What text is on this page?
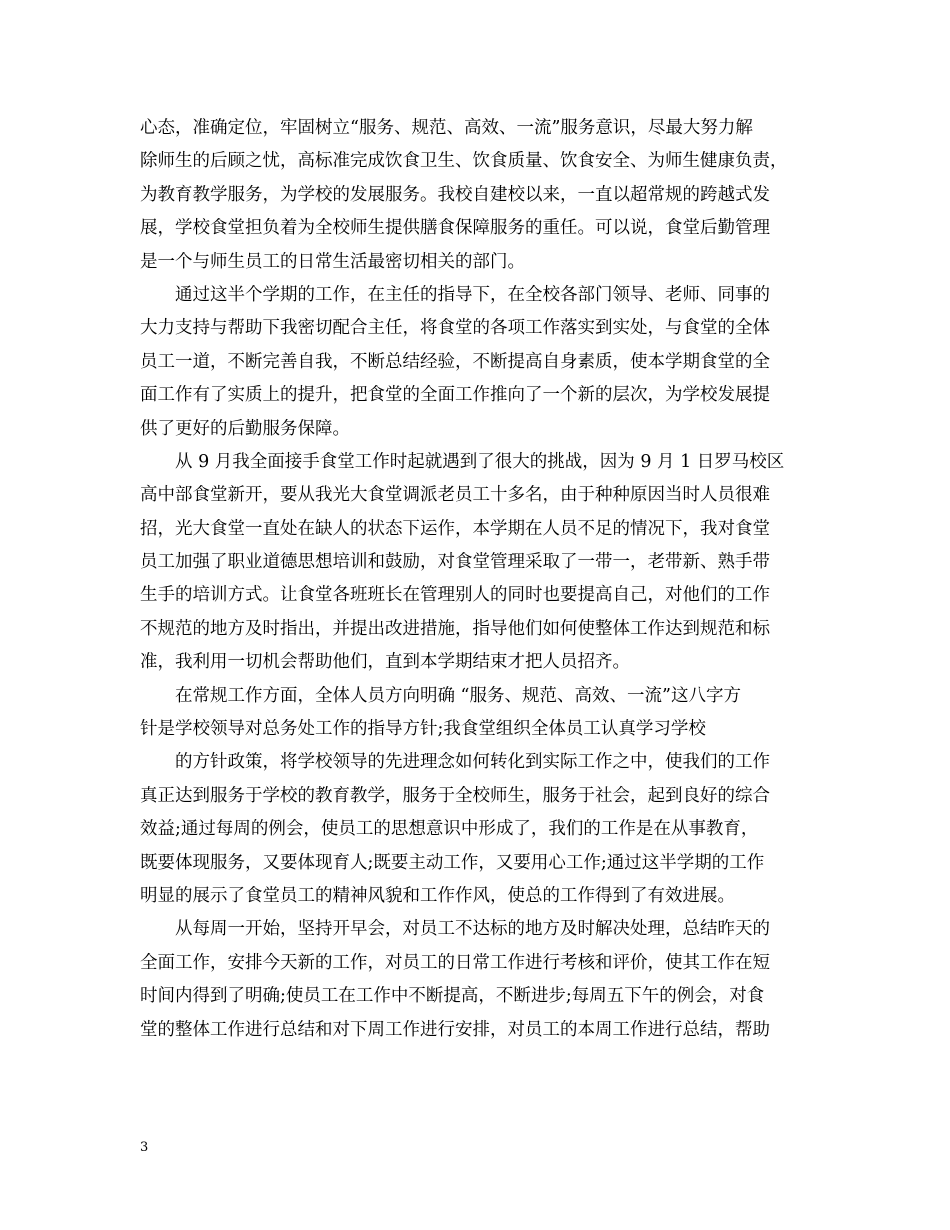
心态，准确定位，牢固树立“服务、规范、高效、一流”服务意识，尽最大努力解
除师生的后顾之忧，高标准完成饮食卫生、饮食质量、饮食安全、为师生健康负责，
为教育教学服务，为学校的发展服务。我校自建校以来，一直以超常规的跨越式发
展，学校食堂担负着为全校师生提供膳食保障服务的重任。可以说，食堂后勤管理
是一个与师生员工的日常生活最密切相关的部门。

通过这半个学期的工作，在主任的指导下，在全校各部门领导、老师、同事的
大力支持与帮助下我密切配合主任，将食堂的各项工作落实到实处，与食堂的全体
员工一道，不断完善自我，不断总结经验，不断提高自身素质，使本学期食堂的全
面工作有了实质上的提升，把食堂的全面工作推向了一个新的层次，为学校发展提
供了更好的后勤服务保障。

从 9 月我全面接手食堂工作时起就遇到了很大的挑战，因为 9 月 1 日罗马校区
高中部食堂新开，要从我光大食堂调派老员工十多名，由于种种原因当时人员很难
招，光大食堂一直处在缺人的状态下运作，本学期在人员不足的情况下，我对食堂
员工加强了职业道德思想培训和鼓励，对食堂管理采取了一带一，老带新、熟手带
生手的培训方式。让食堂各班班长在管理别人的同时也要提高自己，对他们的工作
不规范的地方及时指出，并提出改进措施，指导他们如何使整体工作达到规范和标
准，我利用一切机会帮助他们，直到本学期结束才把人员招齐。

在常规工作方面，全体人员方向明确 “服务、规范、高效、一流”这八字方
针是学校领导对总务处工作的指导方针;我食堂组织全体员工认真学习学校

的方针政策，将学校领导的先进理念如何转化到实际工作之中，使我们的工作
真正达到服务于学校的教育教学，服务于全校师生，服务于社会，起到良好的综合
效益;通过每周的例会，使员工的思想意识中形成了，我们的工作是在从事教育，
既要体现服务，又要体现育人;既要主动工作，又要用心工作;通过这半学期的工作
明显的展示了食堂员工的精神风貌和工作作风，使总的工作得到了有效进展。

从每周一开始，坚持开早会，对员工不达标的地方及时解决处理，总结昨天的
全面工作，安排今天新的工作，对员工的日常工作进行考核和评价，使其工作在短
时间内得到了明确;使员工在工作中不断提高，不断进步;每周五下午的例会，对食
堂的整体工作进行总结和对下周工作进行安排，对员工的本周工作进行总结，帮助

3
